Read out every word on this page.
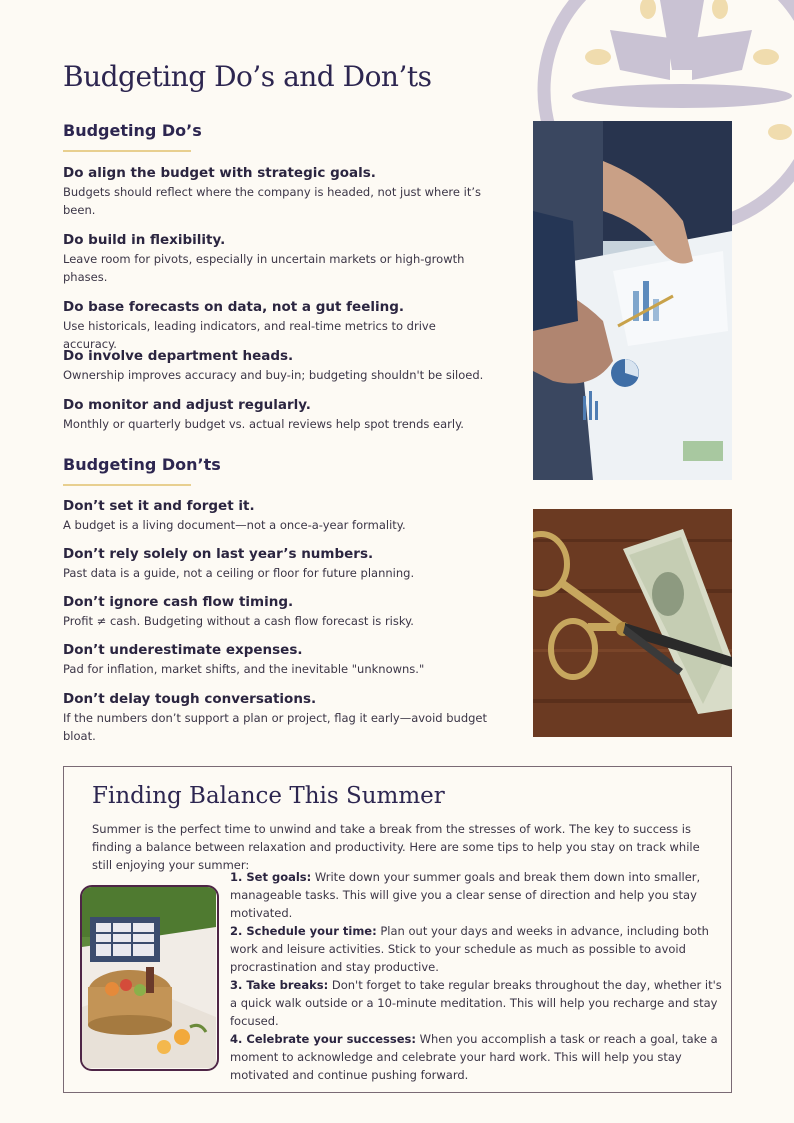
Budgeting Do’s and Don’ts
Budgeting Do’s
Do align the budget with strategic goals.
Budgets should reflect where the company is headed, not just where it’s been.
Do build in flexibility.
Leave room for pivots, especially in uncertain markets or high-growth phases.
Do base forecasts on data, not a gut feeling.
Use historicals, leading indicators, and real-time metrics to drive accuracy.
Do involve department heads.
Ownership improves accuracy and buy-in; budgeting shouldn't be siloed.
Do monitor and adjust regularly.
Monthly or quarterly budget vs. actual reviews help spot trends early.
Budgeting Don’ts
Don’t set it and forget it.
A budget is a living document—not a once-a-year formality.
Don’t rely solely on last year’s numbers.
Past data is a guide, not a ceiling or floor for future planning.
Don’t ignore cash flow timing.
Profit ≠ cash. Budgeting without a cash flow forecast is risky.
Don’t underestimate expenses.
Pad for inflation, market shifts, and the inevitable "unknowns."
Don’t delay tough conversations.
If the numbers don’t support a plan or project, flag it early—avoid budget bloat.
Finding Balance This Summer

Summer is the perfect time to unwind and take a break from the stresses of work. The key to success is finding a balance between relaxation and productivity. Here are some tips to help you stay on track while still enjoying your summer:

1. Set goals: Write down your summer goals and break them down into smaller, manageable tasks. This will give you a clear sense of direction and help you stay motivated.
2. Schedule your time: Plan out your days and weeks in advance, including both work and leisure activities. Stick to your schedule as much as possible to avoid procrastination and stay productive.
3. Take breaks: Don't forget to take regular breaks throughout the day, whether it's a quick walk outside or a 10-minute meditation. This will help you recharge and stay focused.
4. Celebrate your successes: When you accomplish a task or reach a goal, take a moment to acknowledge and celebrate your hard work. This will help you stay motivated and continue pushing forward.
